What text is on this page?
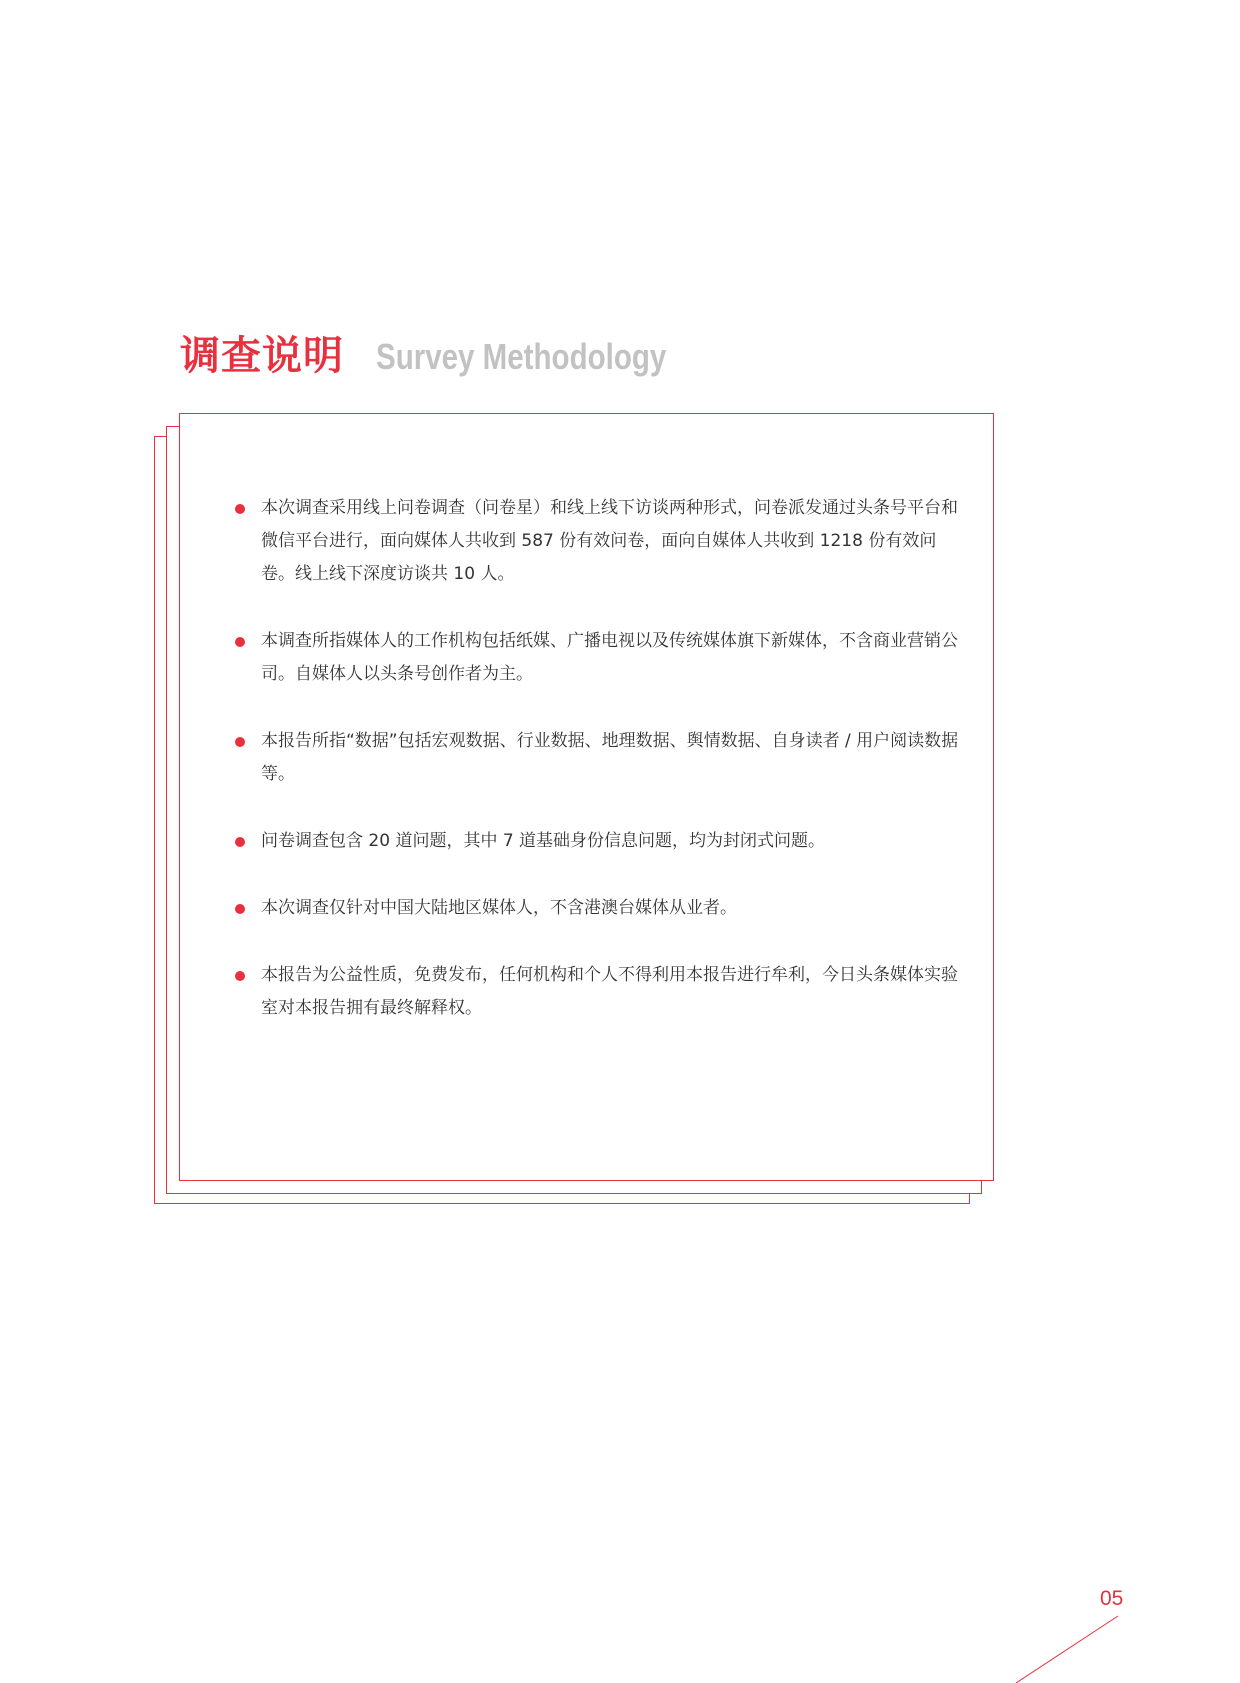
调查说明 Survey Methodology
本次调查采用线上问卷调查（问卷星）和线上线下访谈两种形式，问卷派发通过头条号平台和微信平台进行，面向媒体人共收到 587 份有效问卷，面向自媒体人共收到 1218 份有效问卷。线上线下深度访谈共 10 人。
本调查所指媒体人的工作机构包括纸媒、广播电视以及传统媒体旗下新媒体，不含商业营销公司。自媒体人以头条号创作者为主。
本报告所指“数据”包括宏观数据、行业数据、地理数据、舆情数据、自身读者 / 用户阅读数据等。
问卷调查包含 20 道问题，其中 7 道基础身份信息问题，均为封闭式问题。
本次调查仅针对中国大陆地区媒体人，不含港澳台媒体从业者。
本报告为公益性质，免费发布，任何机构和个人不得利用本报告进行牟利，今日头条媒体实验室对本报告拥有最终解释权。
05
